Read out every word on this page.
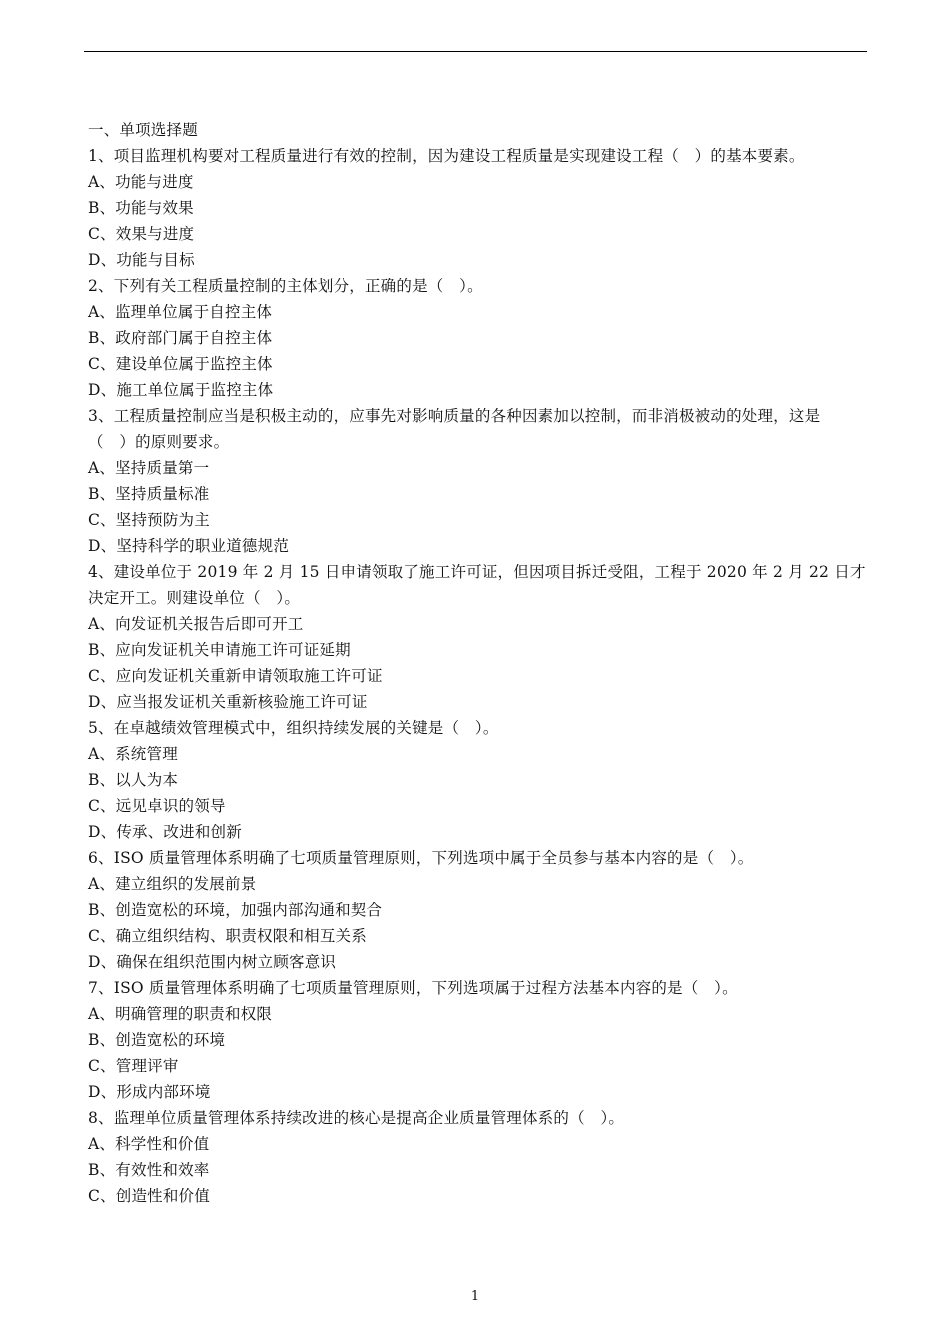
一、单项选择题
1、项目监理机构要对工程质量进行有效的控制，因为建设工程质量是实现建设工程（　）的基本要素。
A、功能与进度
B、功能与效果
C、效果与进度
D、功能与目标
2、下列有关工程质量控制的主体划分，正确的是（　）。
A、监理单位属于自控主体
B、政府部门属于自控主体
C、建设单位属于监控主体
D、施工单位属于监控主体
3、工程质量控制应当是积极主动的，应事先对影响质量的各种因素加以控制，而非消极被动的处理，这是
（　）的原则要求。
A、坚持质量第一
B、坚持质量标准
C、坚持预防为主
D、坚持科学的职业道德规范
4、建设单位于 2019 年 2 月 15 日申请领取了施工许可证，但因项目拆迁受阻，工程于 2020 年 2 月 22 日才
决定开工。则建设单位（　）。
A、向发证机关报告后即可开工
B、应向发证机关申请施工许可证延期
C、应向发证机关重新申请领取施工许可证
D、应当报发证机关重新核验施工许可证
5、在卓越绩效管理模式中，组织持续发展的关键是（　）。
A、系统管理
B、以人为本
C、远见卓识的领导
D、传承、改进和创新
6、ISO 质量管理体系明确了七项质量管理原则，下列选项中属于全员参与基本内容的是（　）。
A、建立组织的发展前景
B、创造宽松的环境，加强内部沟通和契合
C、确立组织结构、职责权限和相互关系
D、确保在组织范围内树立顾客意识
7、ISO 质量管理体系明确了七项质量管理原则，下列选项属于过程方法基本内容的是（　）。
A、明确管理的职责和权限
B、创造宽松的环境
C、管理评审
D、形成内部环境
8、监理单位质量管理体系持续改进的核心是提高企业质量管理体系的（　）。
A、科学性和价值
B、有效性和效率
C、创造性和价值
1
